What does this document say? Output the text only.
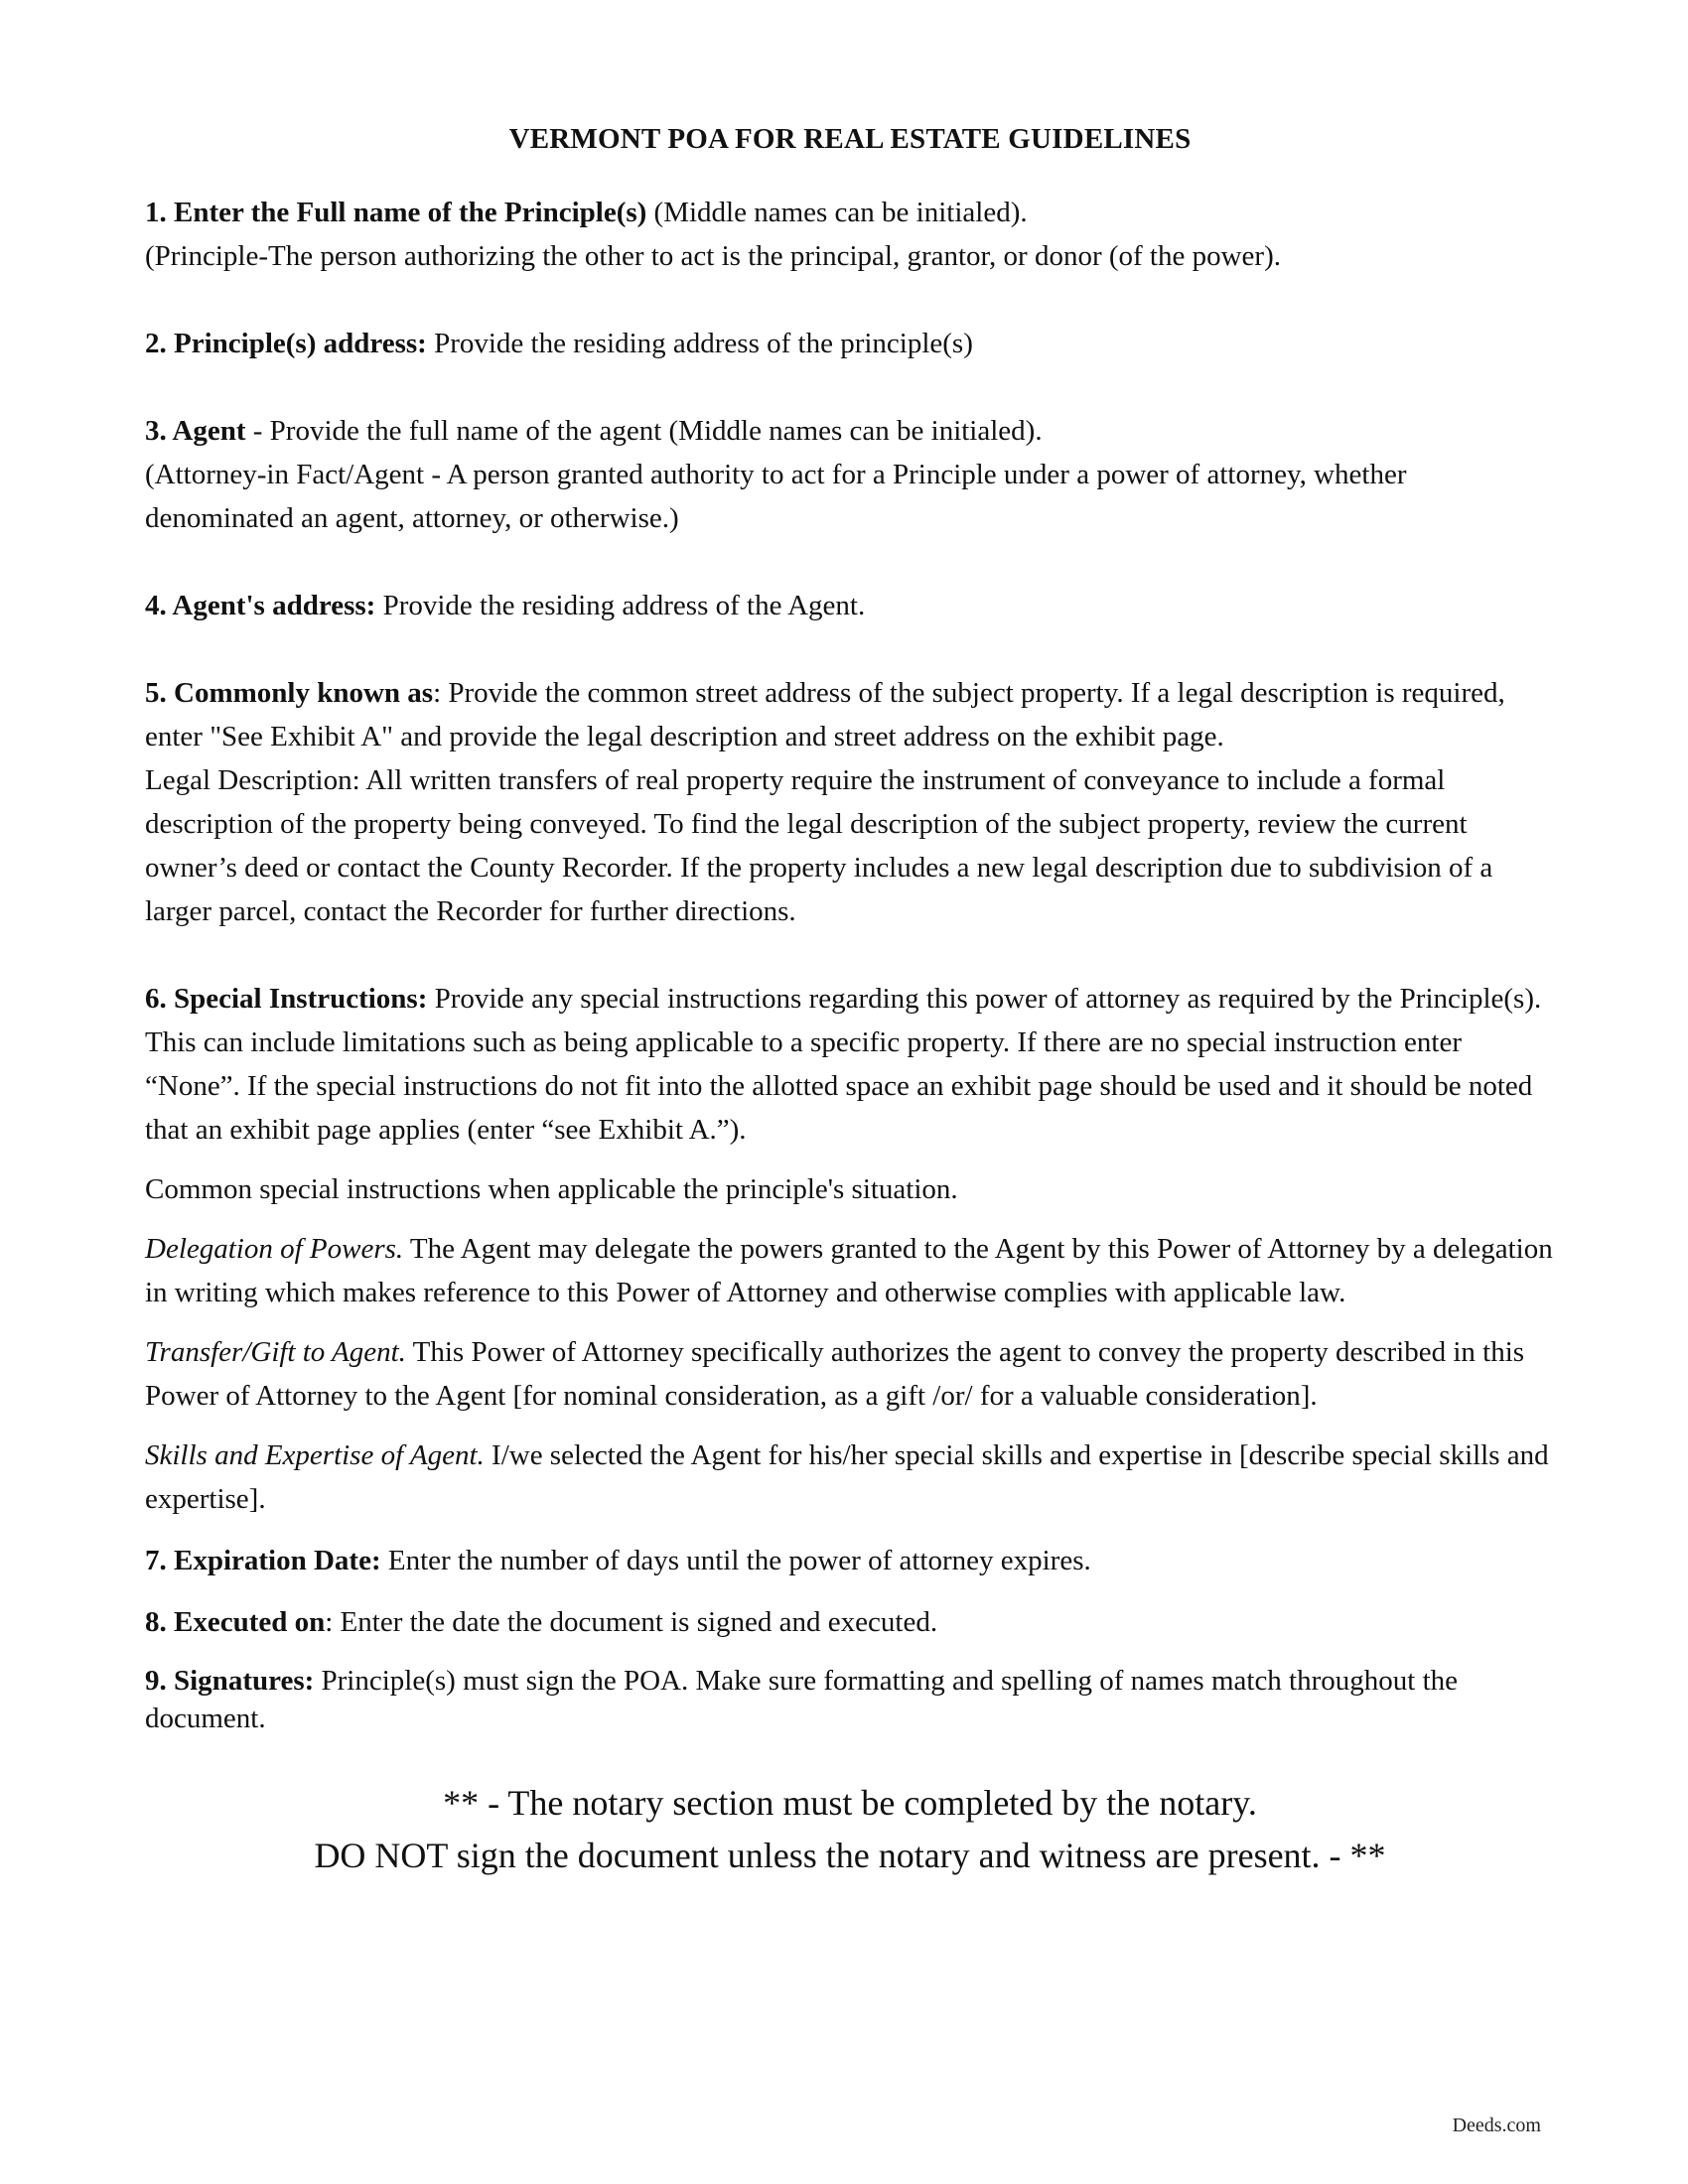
VERMONT POA FOR REAL ESTATE GUIDELINES

1. Enter the Full name of the Principle(s) (Middle names can be initialed).

(Principle-The person authorizing the other to act is the principal, grantor, or donor (of the power).

2. Principle(s) address: Provide the residing address of the principle(s)

3. Agent - Provide the full name of the agent (Middle names can be initialed).

(Attorney-in Fact/Agent - A person granted authority to act for a Principle under a power of attorney, whether denominated an agent, attorney, or otherwise.)

4. Agent's address: Provide the residing address of the Agent.

5. Commonly known as: Provide the common street address of the subject property. If a legal description is required, enter "See Exhibit A" and provide the legal description and street address on the exhibit page.

Legal Description: All written transfers of real property require the instrument of conveyance to include a formal description of the property being conveyed. To find the legal description of the subject property, review the current owner’s deed or contact the County Recorder. If the property includes a new legal description due to subdivision of a larger parcel, contact the Recorder for further directions.

6. Special Instructions: Provide any special instructions regarding this power of attorney as required by the Principle(s). This can include limitations such as being applicable to a specific property. If there are no special instruction enter “None”. If the special instructions do not fit into the allotted space an exhibit page should be used and it should be noted that an exhibit page applies (enter “see Exhibit A.”).

Common special instructions when applicable the principle's situation.

Delegation of Powers. The Agent may delegate the powers granted to the Agent by this Power of Attorney by a delegation in writing which makes reference to this Power of Attorney and otherwise complies with applicable law.

Transfer/Gift to Agent. This Power of Attorney specifically authorizes the agent to convey the property described in this Power of Attorney to the Agent [for nominal consideration, as a gift /or/ for a valuable consideration].

Skills and Expertise of Agent. I/we selected the Agent for his/her special skills and expertise in [describe special skills and expertise].

7. Expiration Date: Enter the number of days until the power of attorney expires.

8. Executed on: Enter the date the document is signed and executed.

9. Signatures: Principle(s) must sign the POA. Make sure formatting and spelling of names match throughout the document.

** - The notary section must be completed by the notary.
DO NOT sign the document unless the notary and witness are present. - **
Deeds.com
